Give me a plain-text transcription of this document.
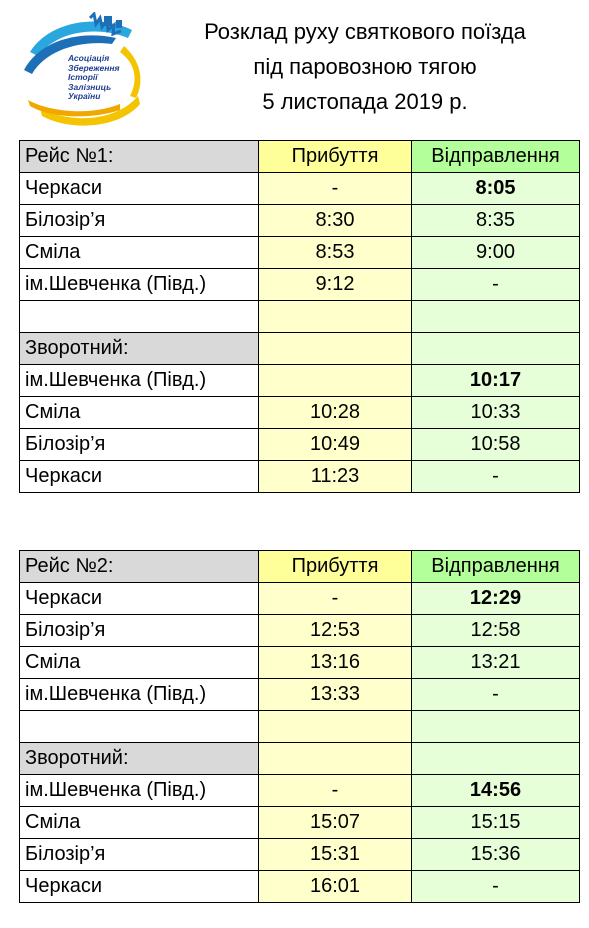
Асоціація
Збереження
Історії
Залізниць
України
Розклад руху святкового поїзда
під паровозною тягою
5 листопада 2019 р.
Рейс №1:	Прибуття	Відправлення
Черкаси	-	8:05
Білозір’я	8:30	8:35
Сміла	8:53	9:00
ім.Шевченка (Півд.)	9:12	-

Зворотний:		
ім.Шевченка (Півд.)		10:17
Сміла	10:28	10:33
Білозір’я	10:49	10:58
Черкаси	11:23	-
Рейс №2:	Прибуття	Відправлення
Черкаси	-	12:29
Білозір’я	12:53	12:58
Сміла	13:16	13:21
ім.Шевченка (Півд.)	13:33	-

Зворотний:		
ім.Шевченка (Півд.)	-	14:56
Сміла	15:07	15:15
Білозір’я	15:31	15:36
Черкаси	16:01	-
